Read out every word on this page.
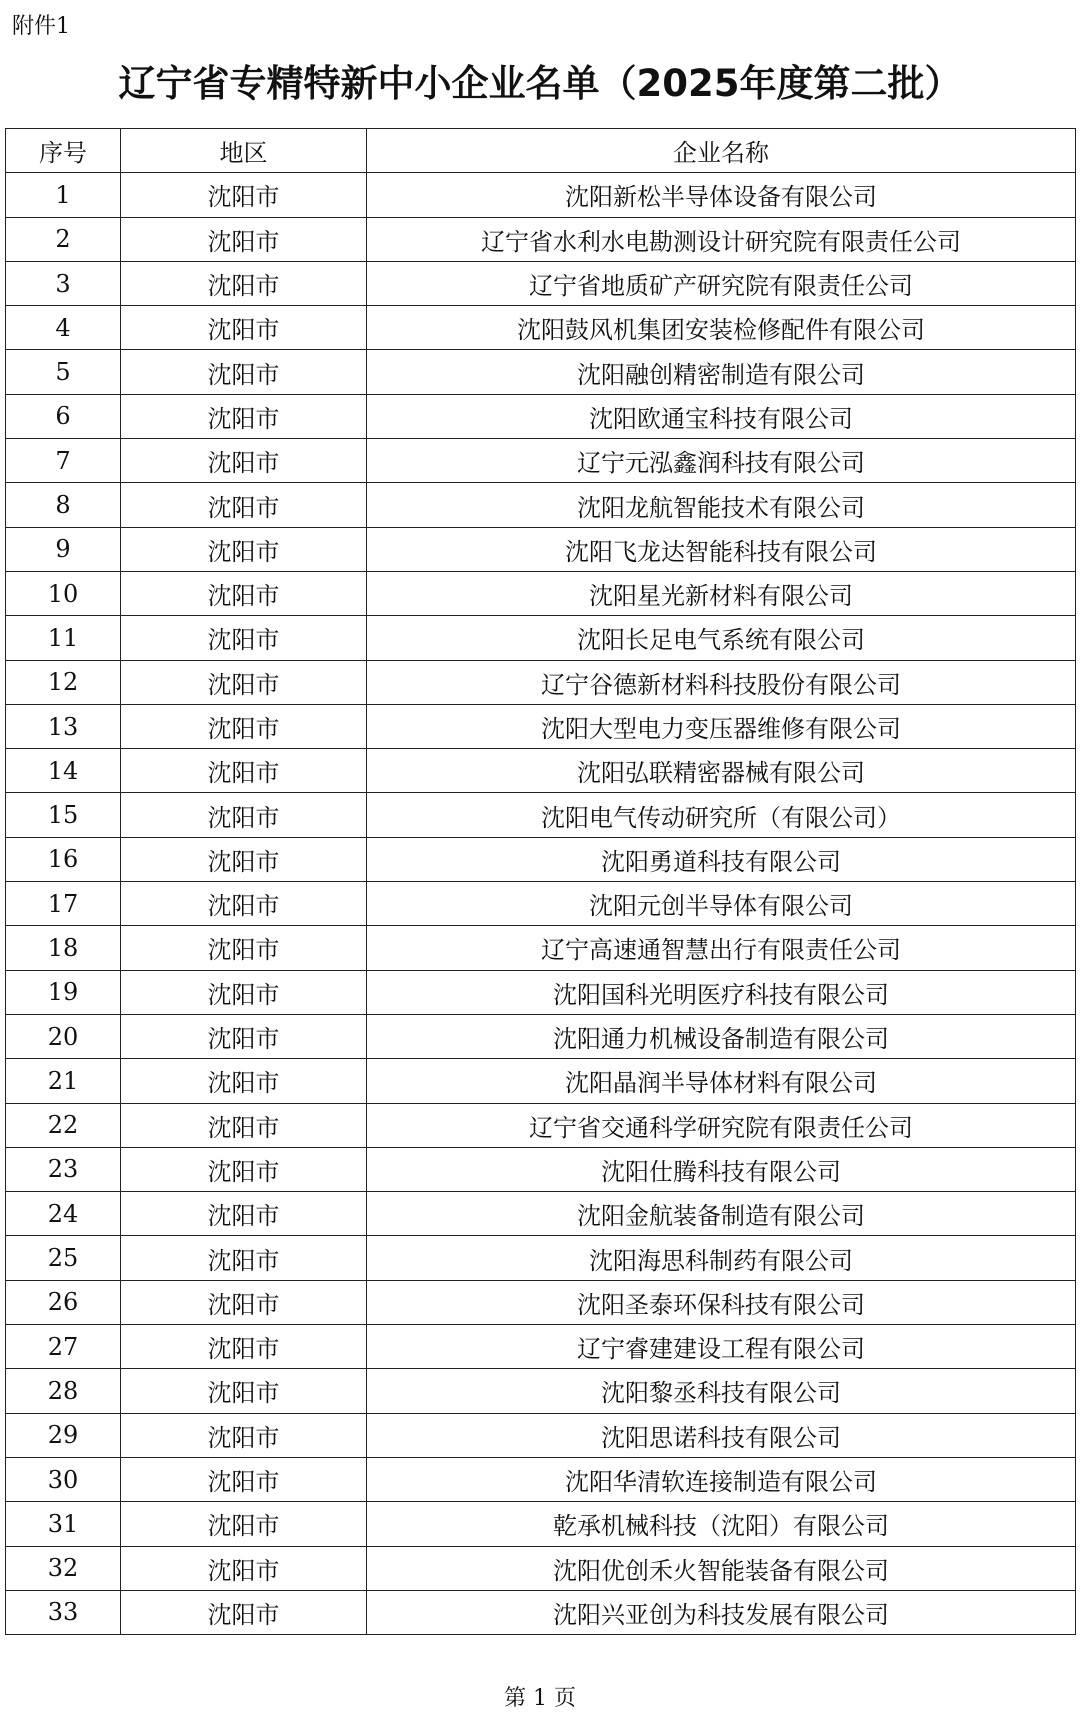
附件1
辽宁省专精特新中小企业名单（2025年度第二批）
序号	地区	企业名称
1	沈阳市	沈阳新松半导体设备有限公司
2	沈阳市	辽宁省水利水电勘测设计研究院有限责任公司
3	沈阳市	辽宁省地质矿产研究院有限责任公司
4	沈阳市	沈阳鼓风机集团安装检修配件有限公司
5	沈阳市	沈阳融创精密制造有限公司
6	沈阳市	沈阳欧通宝科技有限公司
7	沈阳市	辽宁元泓鑫润科技有限公司
8	沈阳市	沈阳龙航智能技术有限公司
9	沈阳市	沈阳飞龙达智能科技有限公司
10	沈阳市	沈阳星光新材料有限公司
11	沈阳市	沈阳长足电气系统有限公司
12	沈阳市	辽宁谷德新材料科技股份有限公司
13	沈阳市	沈阳大型电力变压器维修有限公司
14	沈阳市	沈阳弘联精密器械有限公司
15	沈阳市	沈阳电气传动研究所（有限公司）
16	沈阳市	沈阳勇道科技有限公司
17	沈阳市	沈阳元创半导体有限公司
18	沈阳市	辽宁高速通智慧出行有限责任公司
19	沈阳市	沈阳国科光明医疗科技有限公司
20	沈阳市	沈阳通力机械设备制造有限公司
21	沈阳市	沈阳晶润半导体材料有限公司
22	沈阳市	辽宁省交通科学研究院有限责任公司
23	沈阳市	沈阳仕腾科技有限公司
24	沈阳市	沈阳金航装备制造有限公司
25	沈阳市	沈阳海思科制药有限公司
26	沈阳市	沈阳圣泰环保科技有限公司
27	沈阳市	辽宁睿建建设工程有限公司
28	沈阳市	沈阳黎丞科技有限公司
29	沈阳市	沈阳思诺科技有限公司
30	沈阳市	沈阳华清软连接制造有限公司
31	沈阳市	乾承机械科技（沈阳）有限公司
32	沈阳市	沈阳优创禾火智能装备有限公司
33	沈阳市	沈阳兴亚创为科技发展有限公司
第 1 页
